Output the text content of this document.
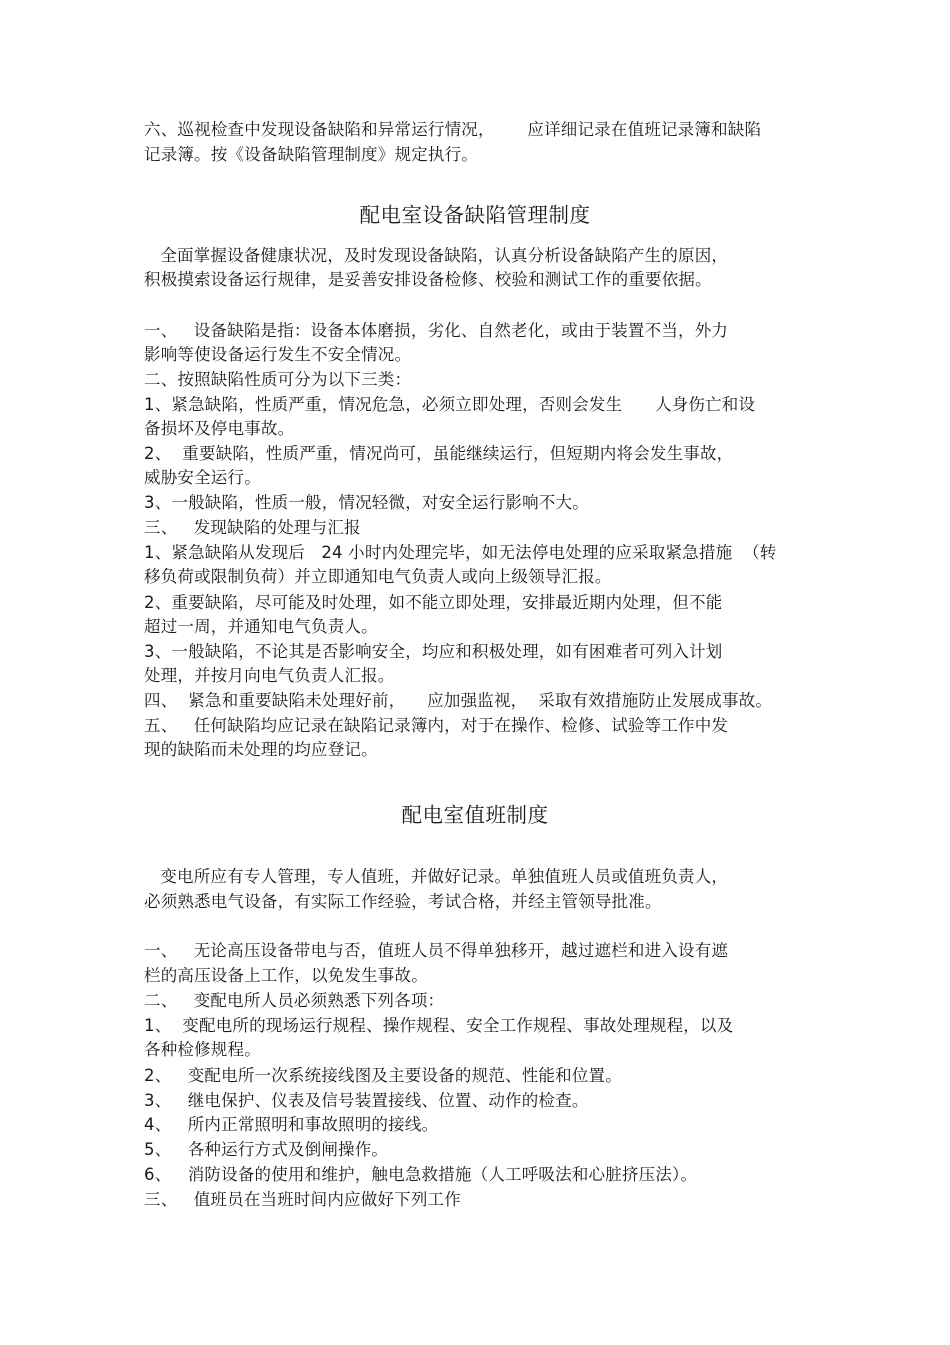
六、巡视检查中发现设备缺陷和异常运行情况，      应详细记录在值班记录簿和缺陷

记录簿。按《设备缺陷管理制度》规定执行。

配电室设备缺陷管理制度

全面掌握设备健康状况，及时发现设备缺陷，认真分析设备缺陷产生的原因，

积极摸索设备运行规律，是妥善安排设备检修、校验和测试工作的重要依据。

一、   设备缺陷是指：设备本体磨损，劣化、自然老化，或由于装置不当，外力

影响等使设备运行发生不安全情况。

二、按照缺陷性质可分为以下三类：

1、紧急缺陷，性质严重，情况危急，必须立即处理，否则会发生      人身伤亡和设

备损坏及停电事故。

2、  重要缺陷，性质严重，情况尚可，虽能继续运行，但短期内将会发生事故，

威胁安全运行。

3、一般缺陷，性质一般，情况轻微，对安全运行影响不大。

三、   发现缺陷的处理与汇报

1、紧急缺陷从发现后   24 小时内处理完毕，如无法停电处理的应采取紧急措施  （转

移负荷或限制负荷）并立即通知电气负责人或向上级领导汇报。

2、重要缺陷，尽可能及时处理，如不能立即处理，安排最近期内处理，但不能

超过一周，并通知电气负责人。

3、一般缺陷，不论其是否影响安全，均应和积极处理，如有困难者可列入计划

处理，并按月向电气负责人汇报。

四、  紧急和重要缺陷未处理好前，    应加强监视，  采取有效措施防止发展成事故。

五、   任何缺陷均应记录在缺陷记录簿内，对于在操作、检修、试验等工作中发

现的缺陷而未处理的均应登记。

配电室值班制度

变电所应有专人管理，专人值班，并做好记录。单独值班人员或值班负责人，

必须熟悉电气设备，有实际工作经验，考试合格，并经主管领导批准。

一、   无论高压设备带电与否，值班人员不得单独移开，越过遮栏和进入设有遮

栏的高压设备上工作，以免发生事故。

二、   变配电所人员必须熟悉下列各项：

1、  变配电所的现场运行规程、操作规程、安全工作规程、事故处理规程，以及

各种检修规程。

2、   变配电所一次系统接线图及主要设备的规范、性能和位置。

3、   继电保护、仪表及信号装置接线、位置、动作的检查。

4、   所内正常照明和事故照明的接线。

5、   各种运行方式及倒闸操作。

6、   消防设备的使用和维护，触电急救措施（人工呼吸法和心脏挤压法）。

三、   值班员在当班时间内应做好下列工作
